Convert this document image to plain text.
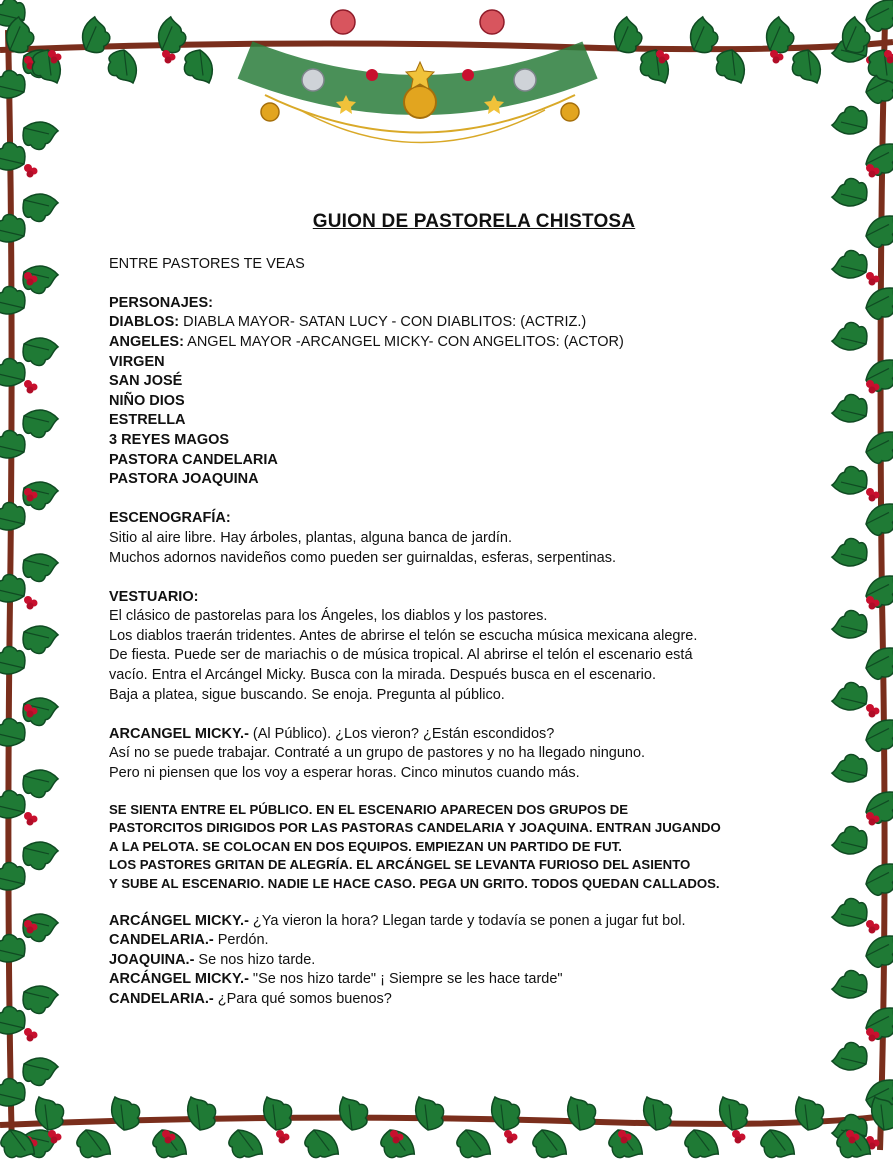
GUION DE PASTORELA CHISTOSA
ENTRE PASTORES TE VEAS
PERSONAJES:
DIABLOS: DIABLA MAYOR- SATAN LUCY - CON DIABLITOS: (ACTRIZ.)
ANGELES: ANGEL MAYOR -ARCANGEL MICKY- CON ANGELITOS: (ACTOR)
VIRGEN
SAN JOSÉ
NIÑO DIOS
ESTRELLA
3 REYES MAGOS
PASTORA CANDELARIA
PASTORA JOAQUINA
ESCENOGRAFÍA:
Sitio al aire libre. Hay árboles, plantas, alguna banca de jardín.
Muchos adornos navideños como pueden ser guirnaldas, esferas, serpentinas.
VESTUARIO:
El clásico de pastorelas para los Ángeles, los diablos y los pastores.
Los diablos traerán tridentes. Antes de abrirse el telón se escucha música mexicana alegre.
De fiesta. Puede ser de mariachis o de música tropical. Al abrirse el telón el escenario está
vacío. Entra el Arcángel Micky. Busca con la mirada. Después busca en el escenario.
Baja a platea, sigue buscando. Se enoja. Pregunta al público.
ARCANGEL MICKY.- (Al Público). ¿Los vieron? ¿Están escondidos?
Así no se puede trabajar. Contraté a un grupo de pastores y no ha llegado ninguno.
Pero ni piensen que los voy a esperar horas. Cinco minutos cuando más.
SE SIENTA ENTRE EL PÚBLICO. EN EL ESCENARIO APARECEN DOS GRUPOS DE
PASTORCITOS DIRIGIDOS POR LAS PASTORAS CANDELARIA Y JOAQUINA. ENTRAN JUGANDO
A LA PELOTA. SE COLOCAN EN DOS EQUIPOS. EMPIEZAN UN PARTIDO DE FUT.
LOS PASTORES GRITAN DE ALEGRÍA. EL ARCÁNGEL SE LEVANTA FURIOSO DEL ASIENTO
Y SUBE AL ESCENARIO. NADIE LE HACE CASO. PEGA UN GRITO. TODOS QUEDAN CALLADOS.
ARCÁNGEL MICKY.- ¿Ya vieron la hora? Llegan tarde y todavía se ponen a jugar fut bol.
CANDELARIA.- Perdón.
JOAQUINA.- Se nos hizo tarde.
ARCÁNGEL MICKY.- "Se nos hizo tarde" ¡ Siempre se les hace tarde"
CANDELARIA.- ¿Para qué somos buenos?
